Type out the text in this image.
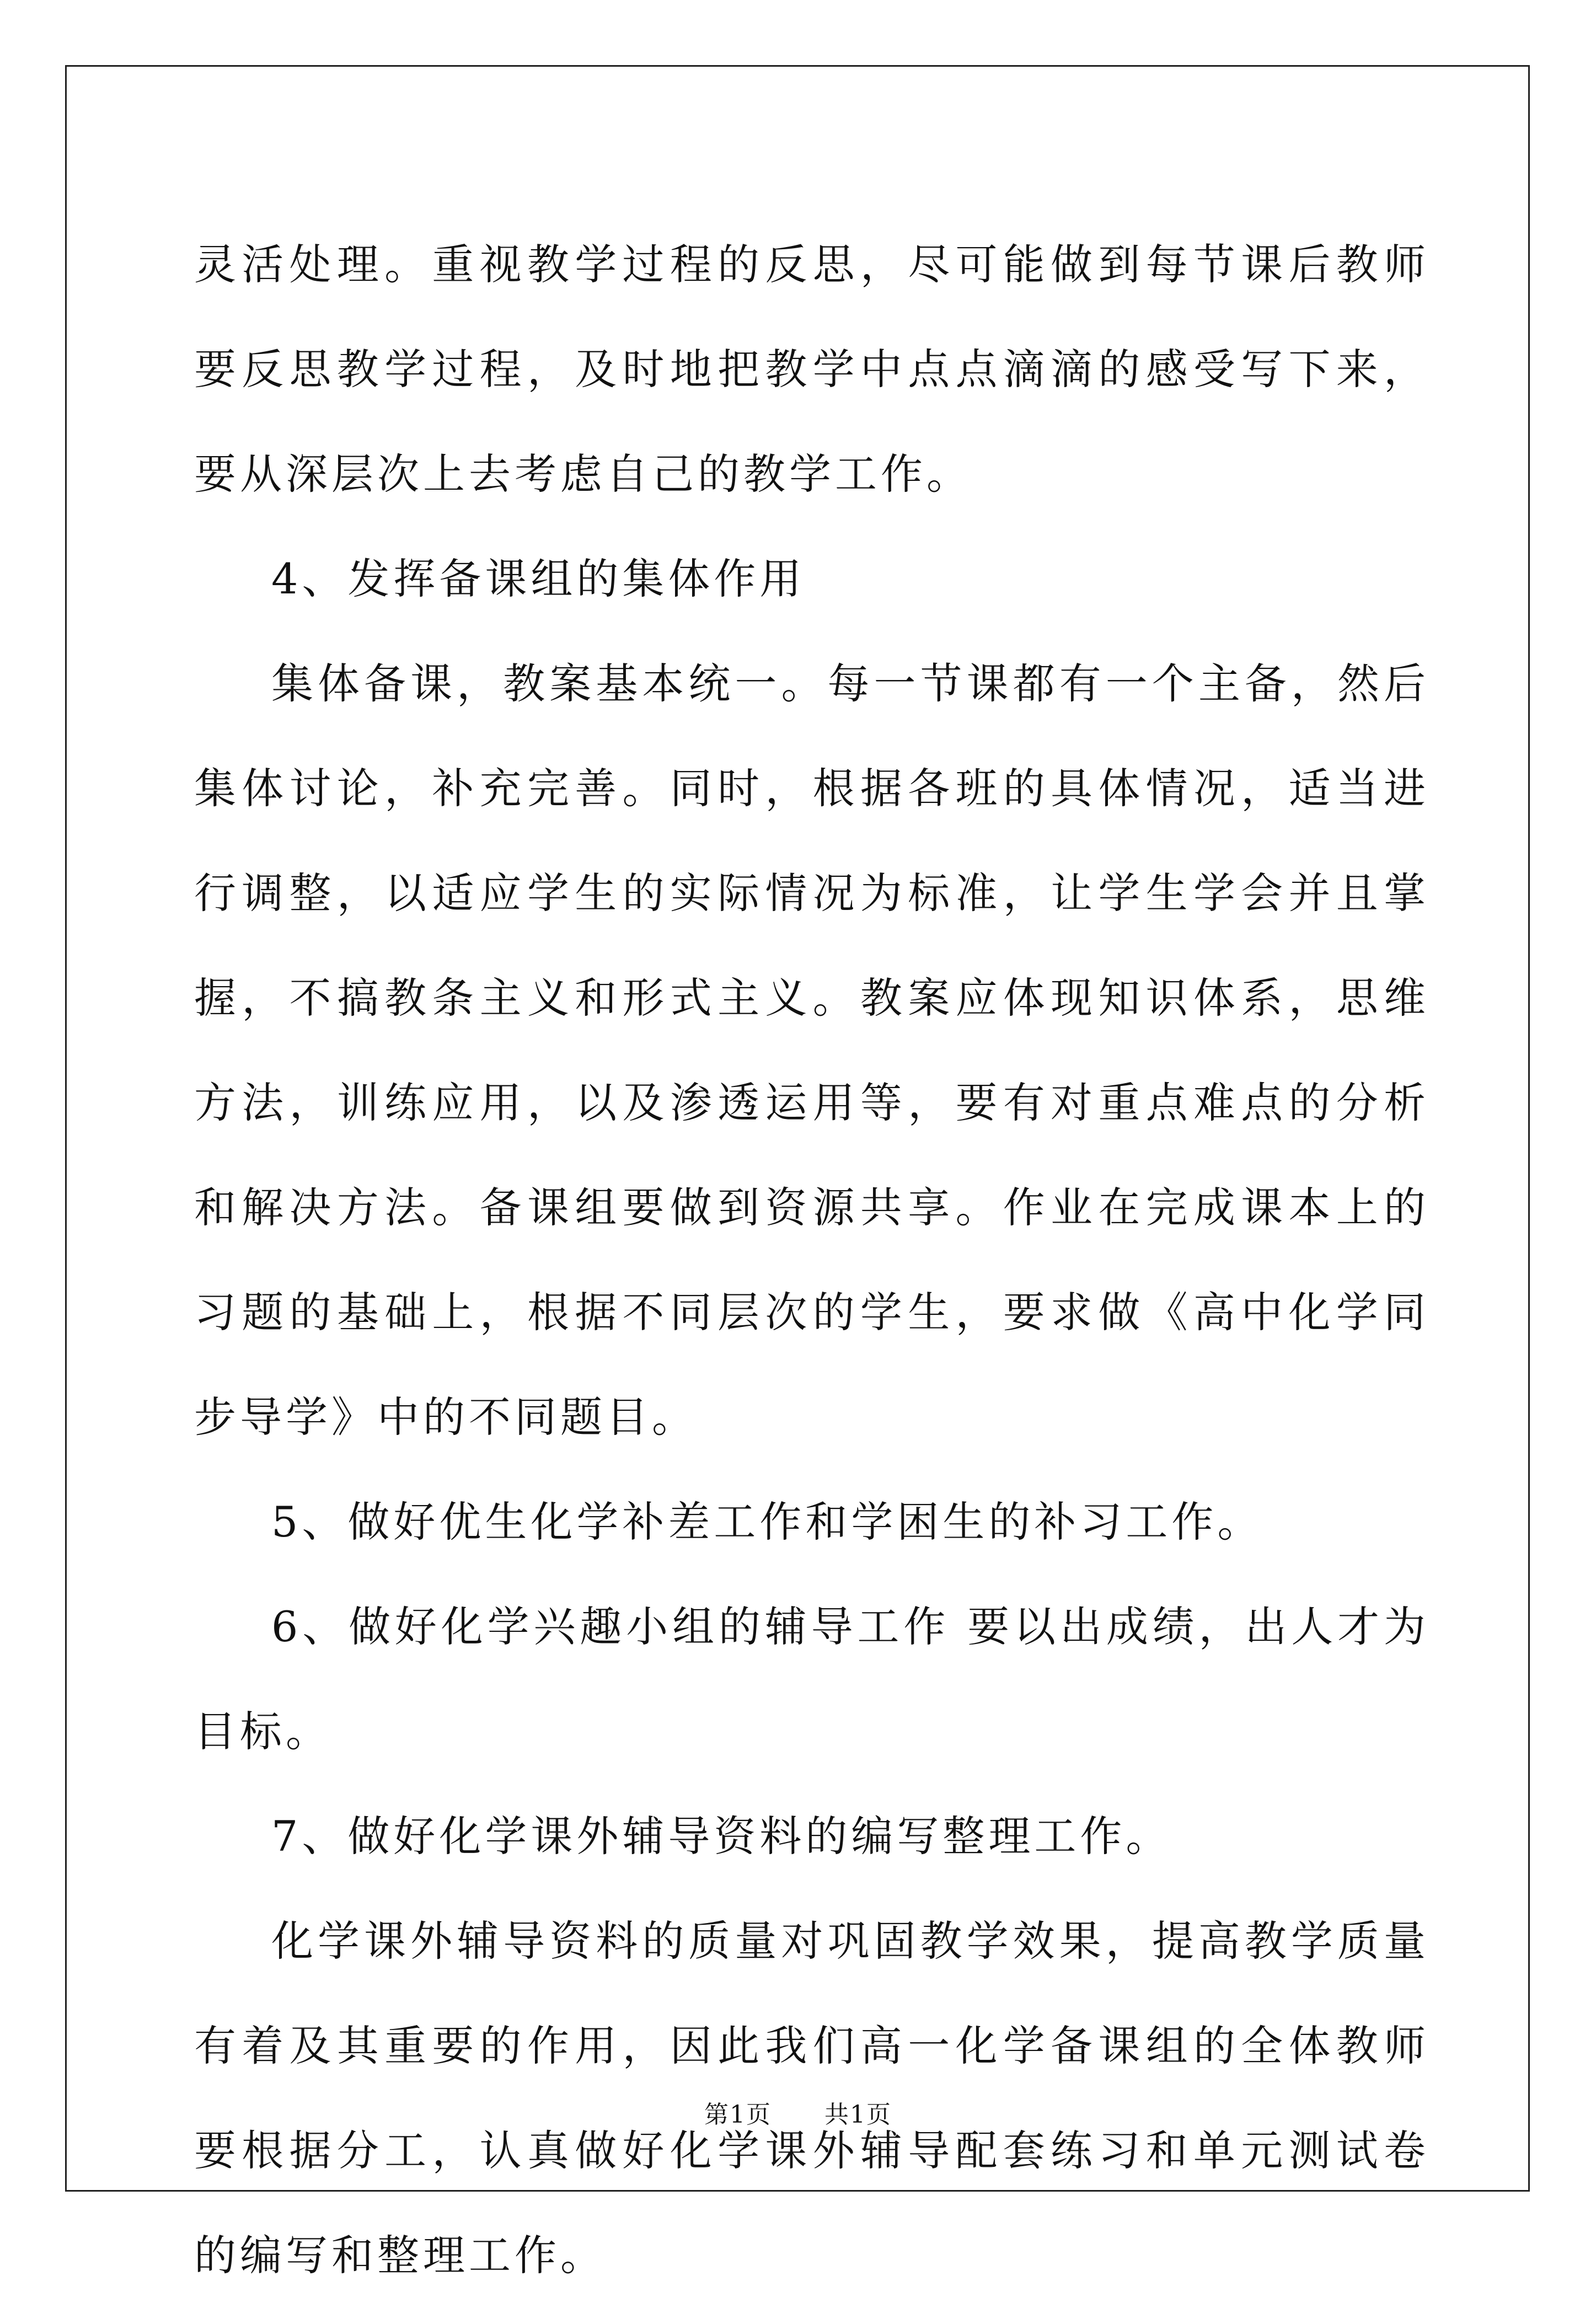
灵活处理。重视教学过程的反思，尽可能做到每节课后教师要反思教学过程，及时地把教学中点点滴滴的感受写下来，要从深层次上去考虑自己的教学工作。

4、发挥备课组的集体作用

集体备课，教案基本统一。每一节课都有一个主备，然后集体讨论，补充完善。同时，根据各班的具体情况，适当进行调整，以适应学生的实际情况为标准，让学生学会并且掌握，不搞教条主义和形式主义。教案应体现知识体系，思维方法，训练应用，以及渗透运用等，要有对重点难点的分析和解决方法。备课组要做到资源共享。作业在完成课本上的习题的基础上，根据不同层次的学生，要求做《高中化学同步导学》中的不同题目。

5、做好优生化学补差工作和学困生的补习工作。

6、做好化学兴趣小组的辅导工作 要以出成绩，出人才为目标。

7、做好化学课外辅导资料的编写整理工作。

化学课外辅导资料的质量对巩固教学效果，提高教学质量有着及其重要的作用，因此我们高一化学备课组的全体教师要根据分工，认真做好化学课外辅导配套练习和单元测试卷的编写和整理工作。

第1页 共1页
